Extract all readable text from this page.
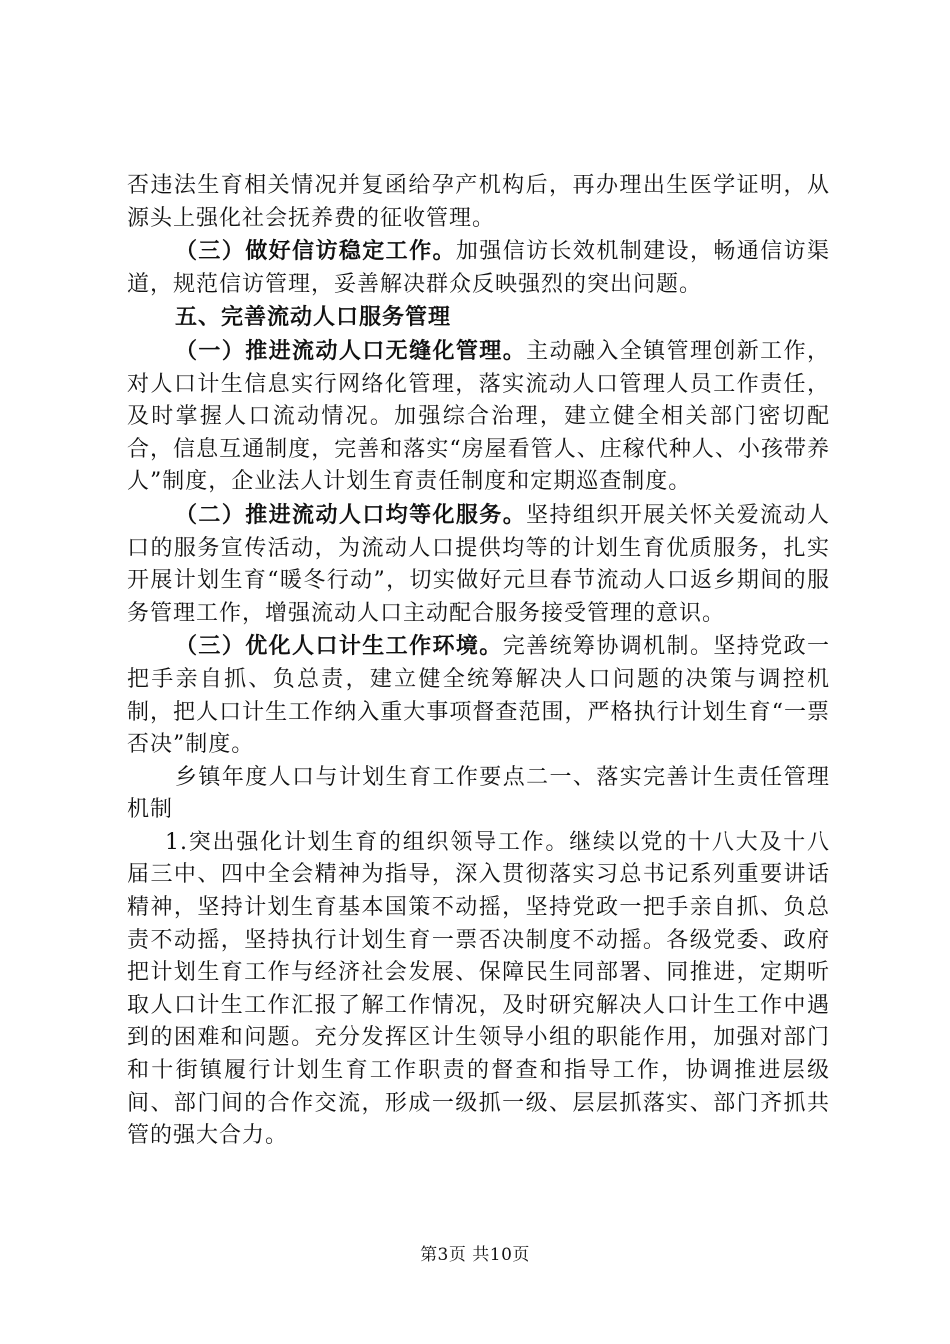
否违法生育相关情况并复函给孕产机构后，再办理出生医学证明，从源头上强化社会抚养费的征收管理。

（三）做好信访稳定工作。加强信访长效机制建设，畅通信访渠道，规范信访管理，妥善解决群众反映强烈的突出问题。

五、完善流动人口服务管理

（一）推进流动人口无缝化管理。主动融入全镇管理创新工作，对人口计生信息实行网络化管理，落实流动人口管理人员工作责任，及时掌握人口流动情况。加强综合治理，建立健全相关部门密切配合，信息互通制度，完善和落实“房屋看管人、庄稼代种人、小孩带养人”制度，企业法人计划生育责任制度和定期巡查制度。

（二）推进流动人口均等化服务。坚持组织开展关怀关爱流动人口的服务宣传活动，为流动人口提供均等的计划生育优质服务，扎实开展计划生育“暖冬行动”，切实做好元旦春节流动人口返乡期间的服务管理工作，增强流动人口主动配合服务接受管理的意识。

（三）优化人口计生工作环境。完善统筹协调机制。坚持党政一把手亲自抓、负总责，建立健全统筹解决人口问题的决策与调控机制，把人口计生工作纳入重大事项督查范围，严格执行计划生育“一票否决”制度。

乡镇年度人口与计划生育工作要点二一、落实完善计生责任管理机制

1.突出强化计划生育的组织领导工作。继续以党的十八大及十八届三中、四中全会精神为指导，深入贯彻落实习总书记系列重要讲话精神，坚持计划生育基本国策不动摇，坚持党政一把手亲自抓、负总责不动摇，坚持执行计划生育一票否决制度不动摇。各级党委、政府把计划生育工作与经济社会发展、保障民生同部署、同推进，定期听取人口计生工作汇报了解工作情况，及时研究解决人口计生工作中遇到的困难和问题。充分发挥区计生领导小组的职能作用，加强对部门和十街镇履行计划生育工作职责的督查和指导工作，协调推进层级间、部门间的合作交流，形成一级抓一级、层层抓落实、部门齐抓共管的强大合力。

第3页 共10页
